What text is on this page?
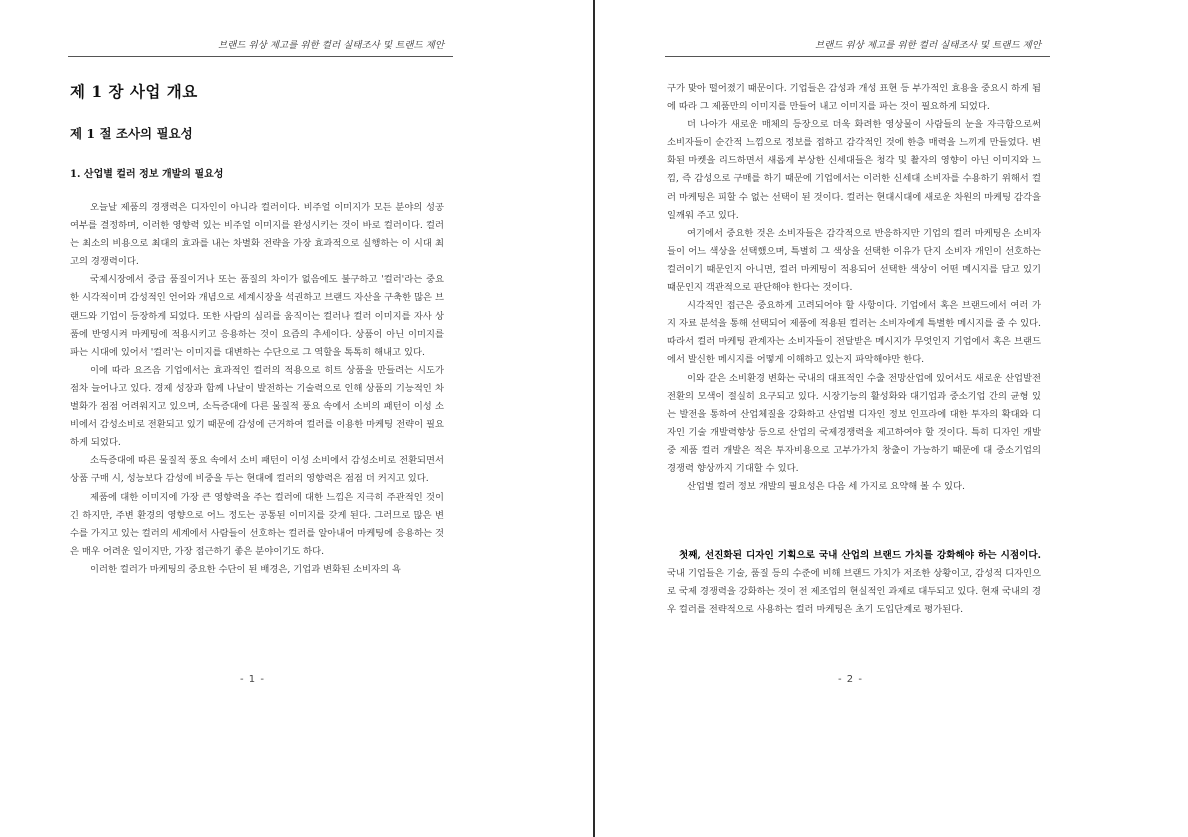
브랜드 위상 제고를 위한 컬러 실태조사 및 트랜드 제안
제 1 장 사업 개요
제 1 절 조사의 필요성
1. 산업별 컬러 정보 개발의 필요성

오늘날 제품의 경쟁력은 디자인이 아니라 컬러이다. 비주얼 이미지가 모든 분야의 성공 여부를 결정하며, 이러한 영향력 있는 비주얼 이미지를 완성시키는 것이 바로 컬러이다. 컬러는 최소의 비용으로 최대의 효과를 내는 차별화 전략을 가장 효과적으로 실행하는 이 시대 최고의 경쟁력이다.

국제시장에서 중급 품질이거나 또는 품질의 차이가 없음에도 불구하고 '컬러'라는 중요한 시각적이며 감성적인 언어와 개념으로 세계시장을 석권하고 브랜드 자산을 구축한 많은 브랜드와 기업이 등장하게 되었다. 또한 사람의 심리를 움직이는 컬러나 컬러 이미지를 자사 상품에 반영시켜 마케팅에 적용시키고 응용하는 것이 요즘의 추세이다. 상품이 아닌 이미지를 파는 시대에 있어서 '컬러'는 이미지를 대변하는 수단으로 그 역할을 톡톡히 해내고 있다.

이에 따라 요즈음 기업에서는 효과적인 컬러의 적용으로 히트 상품을 만들려는 시도가 점차 늘어나고 있다. 경제 성장과 함께 나날이 발전하는 기술력으로 인해 상품의 기능적인 차별화가 점점 어려워지고 있으며, 소득증대에 다른 물질적 풍요 속에서 소비의 패턴이 이성 소비에서 감성소비로 전환되고 있기 때문에 감성에 근거하여 컬러를 이용한 마케팅 전략이 필요하게 되었다.

소득증대에 따른 물질적 풍요 속에서 소비 패턴이 이성 소비에서 감성소비로 전환되면서 상품 구매 시, 성능보다 감성에 비중을 두는 현대에 컬러의 영향력은 점점 더 커지고 있다.

제품에 대한 이미지에 가장 큰 영향력을 주는 컬러에 대한 느낌은 지극히 주관적인 것이긴 하지만, 주변 환경의 영향으로 어느 정도는 공통된 이미지를 갖게 된다. 그러므로 많은 변수를 가지고 있는 컬러의 세계에서 사람들이 선호하는 컬러를 알아내어 마케팅에 응용하는 것은 매우 어려운 일이지만, 가장 접근하기 좋은 분야이기도 하다.

이러한 컬러가 마케팅의 중요한 수단이 된 배경은, 기업과 변화된 소비자의 욕

- 1 -
브랜드 위상 제고를 위한 컬러 실태조사 및 트랜드 제안

구가 맞아 떨어졌기 때문이다. 기업들은 감성과 개성 표현 등 부가적인 효용을 중요시 하게 됨에 따라 그 제품만의 이미지를 만들어 내고 이미지를 파는 것이 필요하게 되었다.

더 나아가 새로운 매체의 등장으로 더욱 화려한 영상물이 사람들의 눈을 자극함으로써 소비자들이 순간적 느낌으로 정보를 접하고 감각적인 것에 한층 매력을 느끼게 만들었다. 변화된 마켓을 리드하면서 새롭게 부상한 신세대들은 청각 및 촬자의 영향이 아닌 이미지와 느낌, 즉 감성으로 구매를 하기 때문에 기업에서는 이러한 신세대 소비자를 수용하기 위해서 컬러 마케팅은 피할 수 없는 선택이 된 것이다. 컬러는 현대시대에 새로운 차원의 마케팅 감각을 일깨워 주고 있다.

여기에서 중요한 것은 소비자들은 감각적으로 반응하지만 기업의 컬러 마케팅은 소비자들이 어느 색상을 선택했으며, 특별히 그 색상을 선택한 이유가 단지 소비자 개인이 선호하는 컬러이기 때문인지 아니면, 컬러 마케팅이 적용되어 선택한 색상이 어떤 메시지를 담고 있기 때문인지 객관적으로 판단해야 한다는 것이다.

시각적인 접근은 중요하게 고려되어야 할 사항이다. 기업에서 혹은 브랜드에서 여러 가지 자료 분석을 통해 선택되어 제품에 적용된 컬러는 소비자에게 특별한 메시지를 줄 수 있다. 따라서 컬러 마케팅 관계자는 소비자들이 전달받은 메시지가 무엇인지 기업에서 혹은 브랜드에서 발신한 메시지를 어떻게 이해하고 있는지 파악해야만 한다.

이와 같은 소비환경 변화는 국내의 대표적인 수출 전망산업에 있어서도 새로운 산업발전 전환의 모색이 절실히 요구되고 있다. 시장기능의 활성화와 대기업과 중소기업 간의 균형 있는 발전을 통하여 산업체질을 강화하고 산업별 디자인 정보 인프라에 대한 투자의 확대와 디자인 기술 개발력향상 등으로 산업의 국제경쟁력을 제고하여야 할 것이다. 특히 디자인 개발 중 제품 컬러 개발은 적은 투자비용으로 고부가가치 창출이 가능하기 때문에 대 중소기업의 경쟁력 향상까지 기대할 수 있다.

산업별 컬러 정보 개발의 필요성은 다음 세 가지로 요약해 볼 수 있다.

첫째, 선진화된 디자인 기획으로 국내 산업의 브랜드 가치를 강화해야 하는 시점이다. 국내 기업들은 기술, 품질 등의 수준에 비해 브랜드 가치가 저조한 상황이고, 감성적 디자인으로 국제 경쟁력을 강화하는 것이 전 제조업의 현실적인 과제로 대두되고 있다. 현재 국내의 경우 컬러를 전략적으로 사용하는 컬러 마케팅은 초기 도입단계로 평가된다.

- 2 -
